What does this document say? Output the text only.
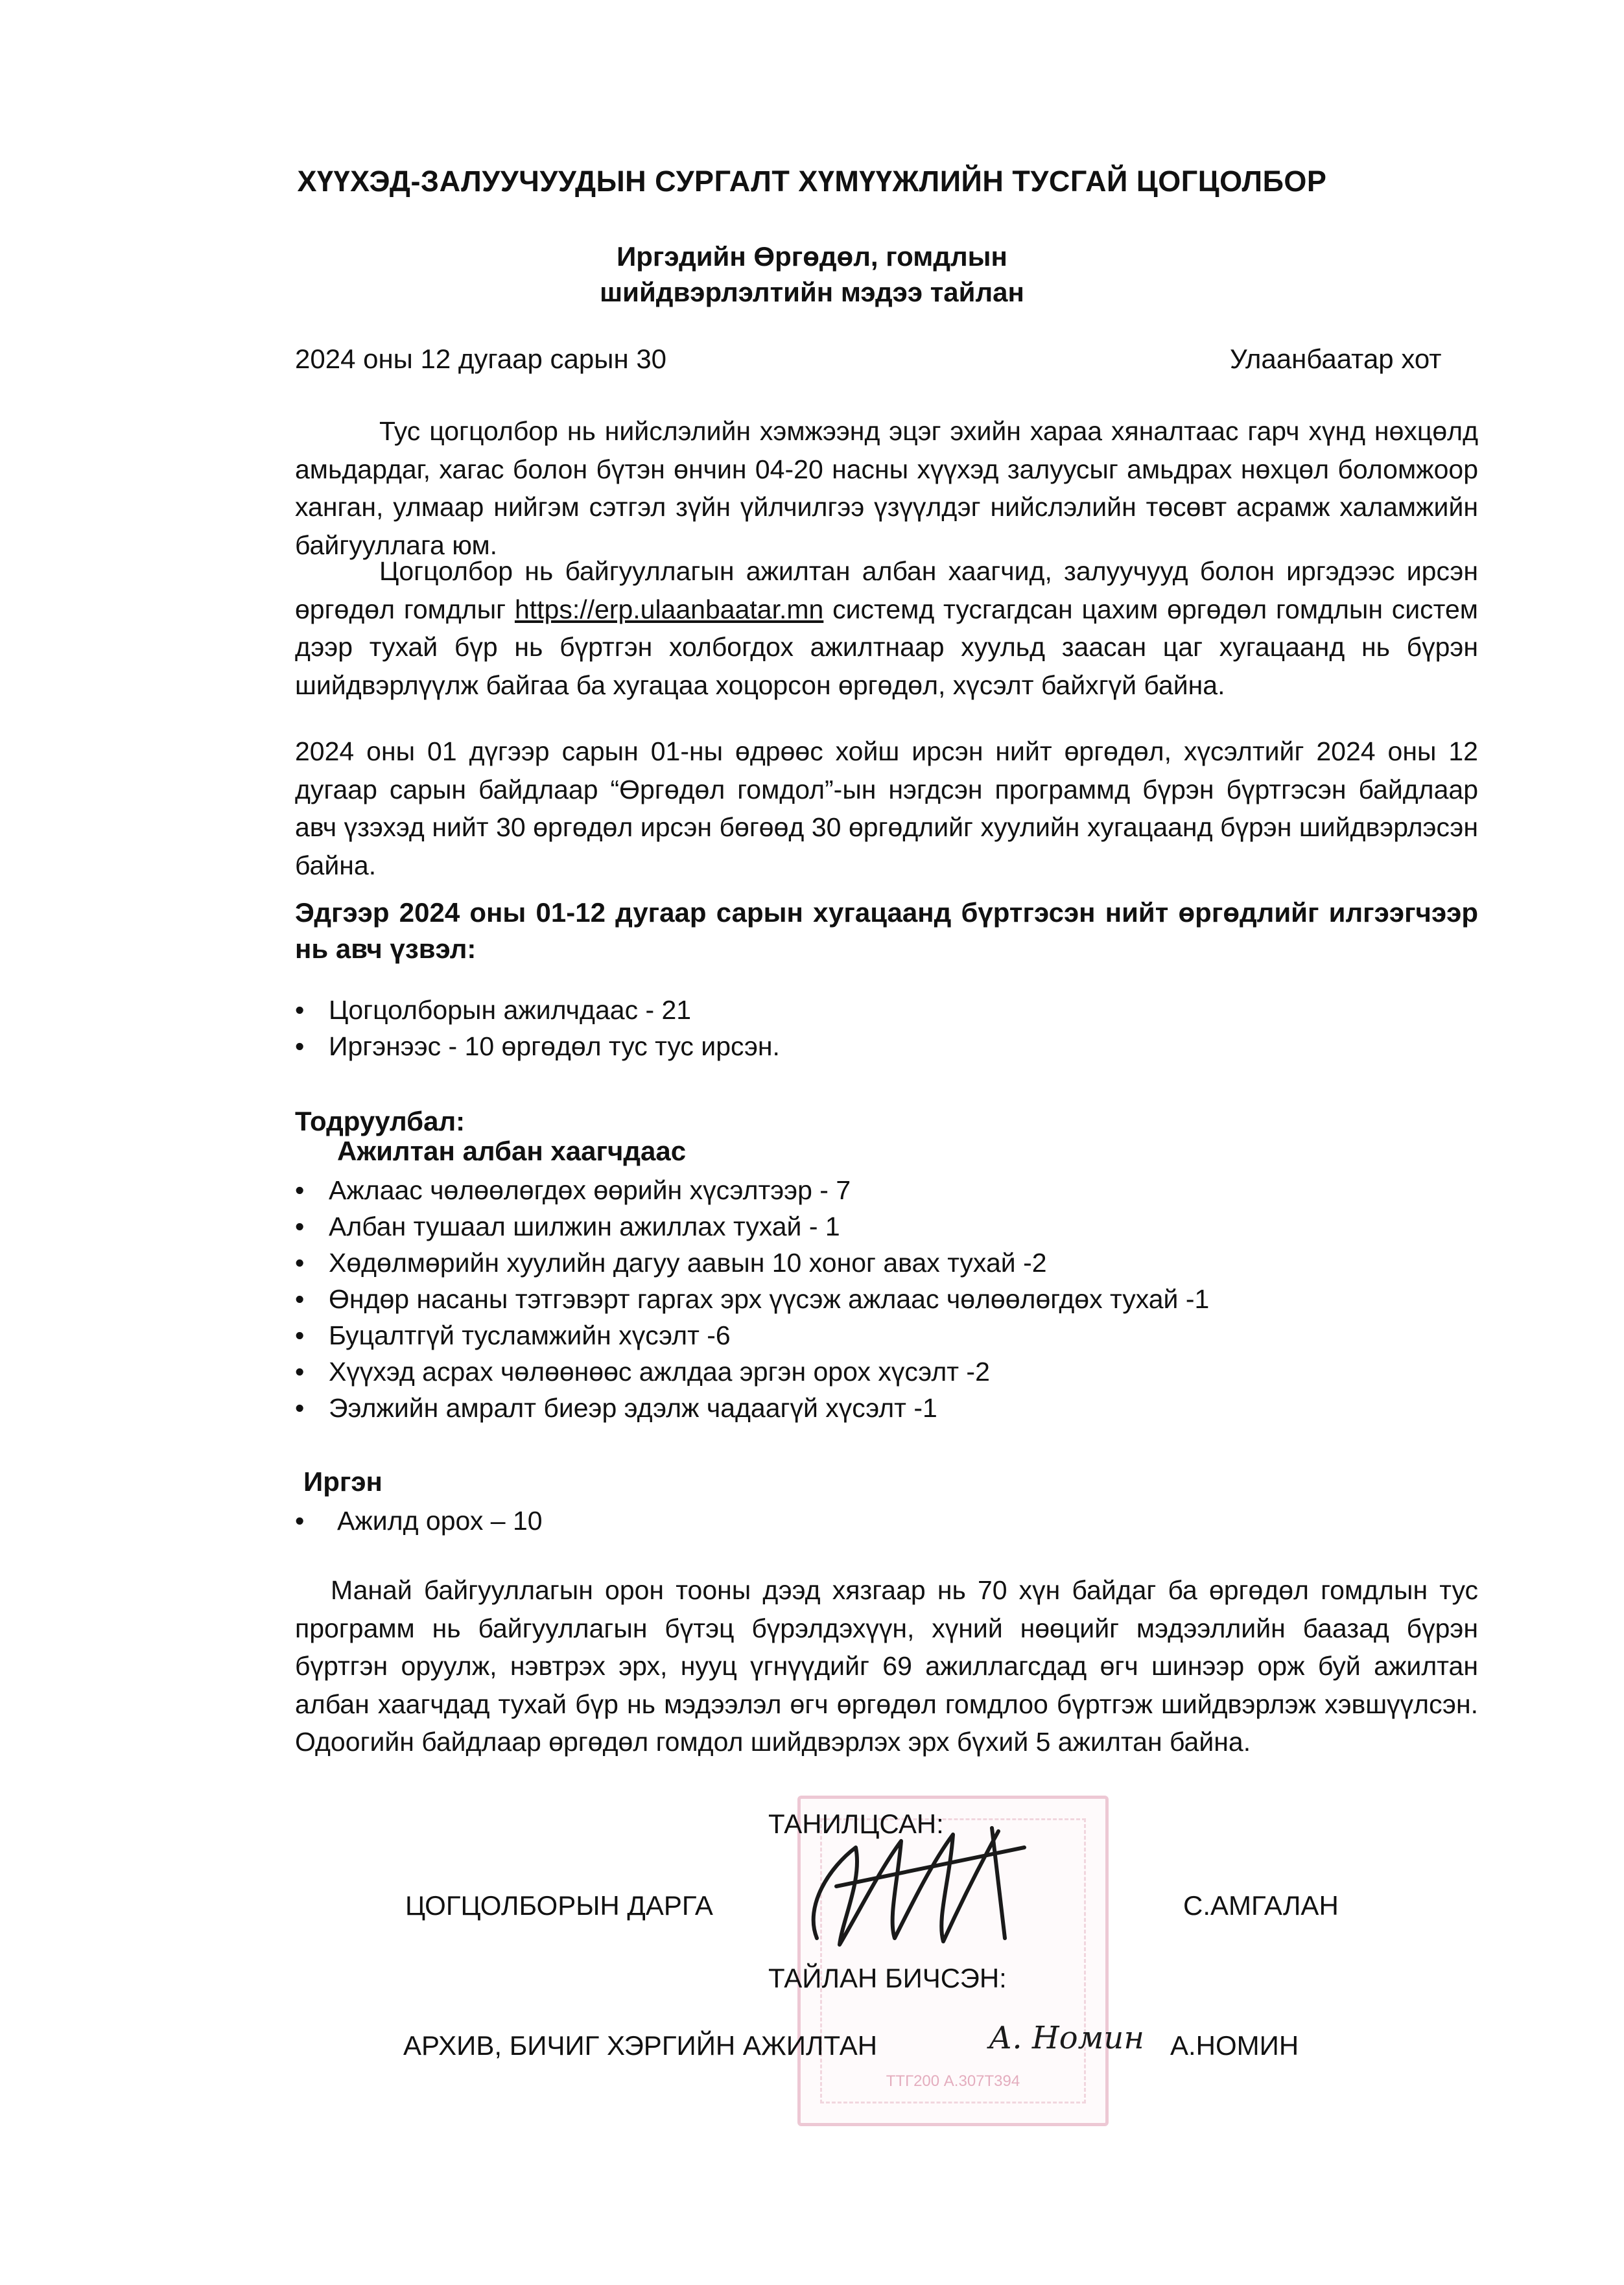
ХҮҮХЭД-ЗАЛУУЧУУДЫН СУРГАЛТ ХҮМҮҮЖЛИЙН ТУСГАЙ ЦОГЦОЛБОР
Иргэдийн Өргөдөл, гомдлын
шийдвэрлэлтийн мэдээ тайлан
2024 оны 12 дугаар сарын 30	Улаанбаатар хот
Тус цогцолбор нь нийслэлийн хэмжээнд эцэг эхийн хараа хяналтаас гарч хүнд нөхцөлд амьдардаг, хагас болон бүтэн өнчин 04-20 насны хүүхэд залуусыг амьдрах нөхцөл боломжоор ханган, улмаар нийгэм сэтгэл зүйн үйлчилгээ үзүүлдэг нийслэлийн төсөвт асрамж халамжийн байгууллага юм.
Цогцолбор нь байгууллагын ажилтан албан хаагчид, залуучууд болон иргэдээс ирсэн өргөдөл гомдлыг https://erp.ulaanbaatar.mn системд тусгагдсан цахим өргөдөл гомдлын систем дээр тухай бүр нь бүртгэн холбогдох ажилтнаар хуульд заасан цаг хугацаанд нь бүрэн шийдвэрлүүлж байгаа ба хугацаа хоцорсон өргөдөл, хүсэлт байхгүй байна.
2024 оны 01 дүгээр сарын 01-ны өдрөөс хойш ирсэн нийт өргөдөл, хүсэлтийг 2024 оны 12 дугаар сарын байдлаар “Өргөдөл гомдол”-ын нэгдсэн программд бүрэн бүртгэсэн байдлаар авч үзэхэд нийт 30 өргөдөл ирсэн бөгөөд 30 өргөдлийг хуулийн хугацаанд бүрэн шийдвэрлэсэн байна.
Эдгээр 2024 оны 01-12 дугаар сарын хугацаанд бүртгэсэн нийт өргөдлийг илгээгчээр нь авч үзвэл:
• Цогцолборын ажилчдаас - 21
• Иргэнээс - 10 өргөдөл тус тус ирсэн.
Тодруулбал:
Ажилтан албан хаагчдаас
• Ажлаас чөлөөлөгдөх өөрийн хүсэлтээр - 7
• Албан тушаал шилжин ажиллах тухай - 1
• Хөдөлмөрийн хуулийн дагуу аавын 10 хоног авах тухай -2
• Өндөр насаны тэтгэвэрт гаргах эрх үүсэж ажлаас чөлөөлөгдөх тухай -1
• Буцалтгүй тусламжийн хүсэлт -6
• Хүүхэд асрах чөлөөнөөс ажлдаа эргэн орох хүсэлт -2
• Ээлжийн амралт биеэр эдэлж чадаагүй хүсэлт -1
Иргэн
• Ажилд орох – 10
Манай байгууллагын орон тооны дээд хязгаар нь 70 хүн байдаг ба өргөдөл гомдлын тус программ нь байгууллагын бүтэц бүрэлдэхүүн, хүний нөөцийг мэдээллийн баазад бүрэн бүртгэн оруулж, нэвтрэх эрх, нууц үгнүүдийг 69 ажиллагсдад өгч шинээр орж буй ажилтан албан хаагчдад тухай бүр нь мэдээлэл өгч өргөдөл гомдлоо бүртгэж шийдвэрлэж хэвшүүлсэн. Одоогийн байдлаар өргөдөл гомдол шийдвэрлэх эрх бүхий 5 ажилтан байна.
ТТГ200 А.307Т394
ТАНИЛЦСАН:
ЦОГЦОЛБОРЫН ДАРГА	С.АМГАЛАН
ТАЙЛАН БИЧСЭН:
АРХИВ, БИЧИГ ХЭРГИЙН АЖИЛТАН	А. Номин А.НОМИН
